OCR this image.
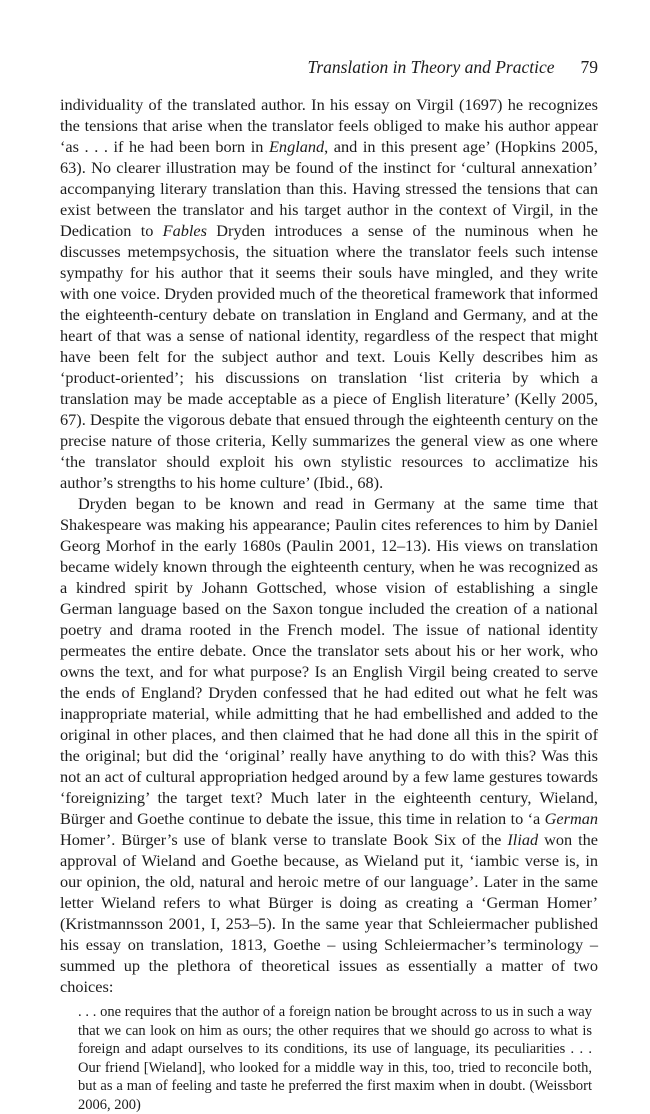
Translation in Theory and Practice 79

individuality of the translated author. In his essay on Virgil (1697) he recognizes the tensions that arise when the translator feels obliged to make his author appear ‘as . . . if he had been born in England, and in this present age’ (Hopkins 2005, 63). No clearer illustration may be found of the instinct for ‘cultural annexation’ accompanying literary translation than this. Having stressed the tensions that can exist between the translator and his target author in the context of Virgil, in the Dedication to Fables Dryden introduces a sense of the numinous when he discusses metempsychosis, the situation where the translator feels such intense sympathy for his author that it seems their souls have mingled, and they write with one voice. Dryden provided much of the theoretical framework that informed the eighteenth-century debate on translation in England and Germany, and at the heart of that was a sense of national identity, regardless of the respect that might have been felt for the subject author and text. Louis Kelly describes him as ‘product-oriented’; his discussions on translation ‘list criteria by which a translation may be made acceptable as a piece of English literature’ (Kelly 2005, 67). Despite the vigorous debate that ensued through the eighteenth century on the precise nature of those criteria, Kelly summarizes the general view as one where ‘the translator should exploit his own stylistic resources to acclimatize his author’s strengths to his home culture’ (Ibid., 68).

Dryden began to be known and read in Germany at the same time that Shakespeare was making his appearance; Paulin cites references to him by Daniel Georg Morhof in the early 1680s (Paulin 2001, 12–13). His views on translation became widely known through the eighteenth century, when he was recognized as a kindred spirit by Johann Gottsched, whose vision of establishing a single German language based on the Saxon tongue included the creation of a national poetry and drama rooted in the French model. The issue of national identity permeates the entire debate. Once the translator sets about his or her work, who owns the text, and for what purpose? Is an English Virgil being created to serve the ends of England? Dryden confessed that he had edited out what he felt was inappropriate material, while admitting that he had embellished and added to the original in other places, and then claimed that he had done all this in the spirit of the original; but did the ‘original’ really have anything to do with this? Was this not an act of cultural appropriation hedged around by a few lame gestures towards ‘foreignizing’ the target text? Much later in the eighteenth century, Wieland, Bürger and Goethe continue to debate the issue, this time in relation to ‘a German Homer’. Bürger’s use of blank verse to translate Book Six of the Iliad won the approval of Wieland and Goethe because, as Wieland put it, ‘iambic verse is, in our opinion, the old, natural and heroic metre of our language’. Later in the same letter Wieland refers to what Bürger is doing as creating a ‘German Homer’ (Kristmannsson 2001, I, 253–5). In the same year that Schleiermacher published his essay on translation, 1813, Goethe – using Schleiermacher’s terminology – summed up the plethora of theoretical issues as essentially a matter of two choices:

. . . one requires that the author of a foreign nation be brought across to us in such a way that we can look on him as ours; the other requires that we should go across to what is foreign and adapt ourselves to its conditions, its use of language, its peculiarities . . . Our friend [Wieland], who looked for a middle way in this, too, tried to reconcile both, but as a man of feeling and taste he preferred the first maxim when in doubt. (Weissbort 2006, 200)
